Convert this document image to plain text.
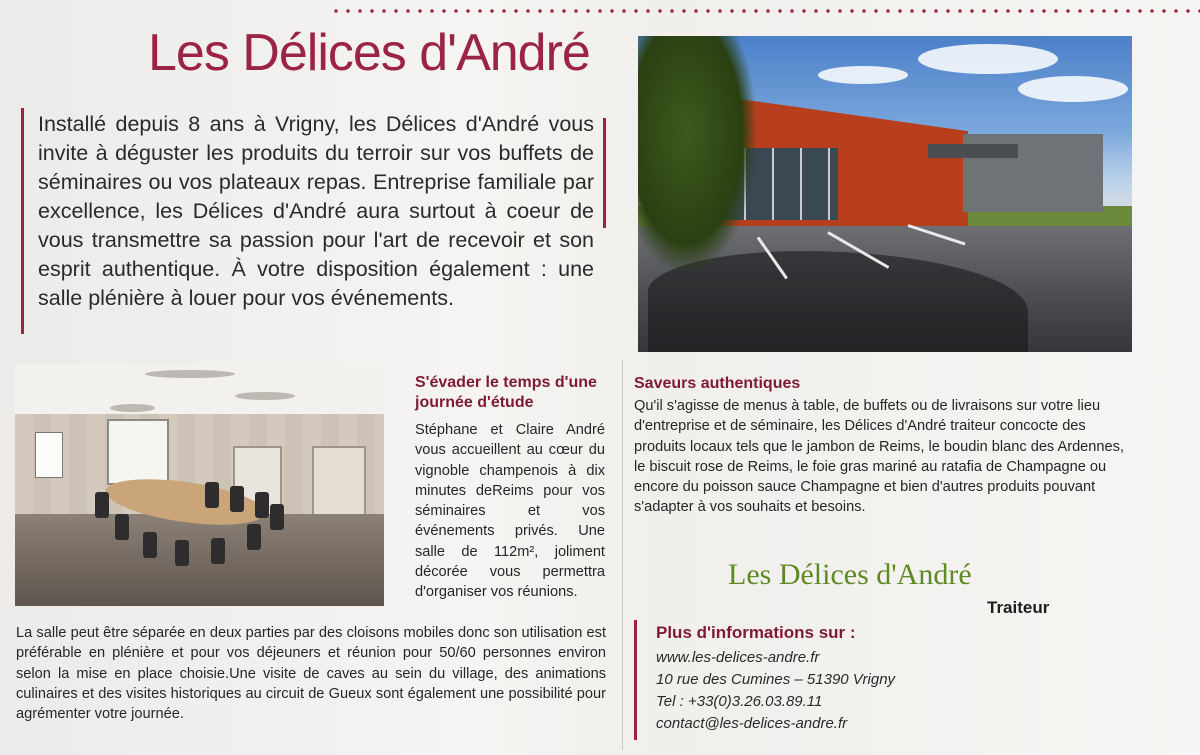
Les Délices d'André

Installé depuis 8 ans à Vrigny, les Délices d'André vous invite à déguster les produits du terroir sur vos buffets de séminaires ou vos plateaux repas. Entreprise familiale par excellence, les Délices d'André aura surtout à coeur de vous transmettre sa passion pour l'art de recevoir et son esprit authentique. À votre disposition également : une salle plénière à louer pour vos événements.

S'évader le temps d'une journée d'étude

Stéphane et Claire André vous accueillent au cœur du vignoble champenois à dix minutes deReims pour vos séminaires et vos événements privés. Une salle de 112m², joliment décorée vous permettra d'organiser vos réunions.

La salle peut être séparée en deux parties par des cloisons mobiles donc son utilisation est préférable en plénière et pour vos déjeuners et réunion pour 50/60 personnes environ selon la mise en place choisie.Une visite de caves au sein du village, des animations culinaires et des visites historiques au circuit de Gueux sont également une possibilité pour agrémenter votre journée.

Saveurs authentiques

Qu'il s'agisse de menus à table, de buffets ou de livraisons sur votre lieu d'entreprise et de séminaire, les Délices d'André traiteur concocte des produits locaux tels que le jambon de Reims, le boudin blanc des Ardennes, le biscuit rose de Reims, le foie gras mariné au ratafia de Champagne ou encore du poisson sauce Champagne et bien d'autres produits pouvant s'adapter à vos souhaits et besoins.

Les Délices d'André
Traiteur
Plus d'informations sur :

www.les-delices-andre.fr

10 rue des Cumines – 51390 Vrigny

Tel : +33(0)3.26.03.89.11

contact@les-delices-andre.fr
